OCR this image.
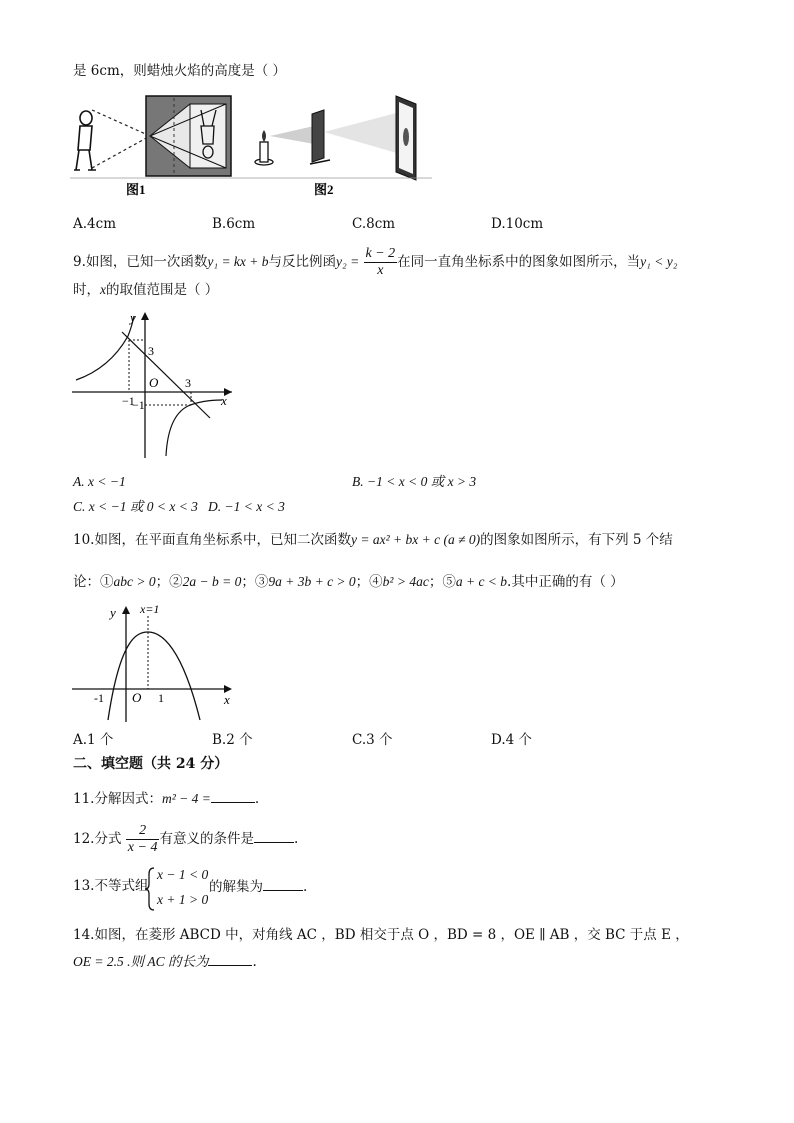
是 6cm，则蜡烛火焰的高度是（ ）
图1	图2
A.4cm	B.6cm	C.8cm	D.10cm
9.如图，已知一次函数y₁ = kx + b与反比例函$y_2 = \frac{k - 2}{x}$ 在同一直角坐标系中的图象如图所示，当y₁ < y₂
时，x的取值范围是（ ）
y
x
O
3
3
−1
−1
A. x < −1	B. −1 < x < 0 或 x > 3
C. x < −1 或 0 < x < 3 D. −1 < x < 3
10.如图，在平面直角坐标系中，已知二次函数y = ax² + bx + c (a ≠ 0)的图象如图所示，有下列 5 个结
论：①abc > 0；②2a − b = 0；③9a + 3b + c > 0；④b² > 4ac；⑤a + c < b.其中正确的有（ ）
y
x
O
x=1
-1	1
A.1 个	B.2 个	C.3 个	D.4 个
二、填空题（共 24 分）
11.分解因式：m² − 4 =	.
12.分式 $\frac{2}{x - 4}$ 有意义的条件是	.
13.不等式组
x − 1 < 0
x + 1 > 0
的解集为	.
14.如图，在菱形 ABCD 中，对角线 AC ，BD 相交于点 O ，BD = 8 ，OE ∥ AB ，交 BC 于点 E ，
OE = 2.5 .则 AC 的长为	.
